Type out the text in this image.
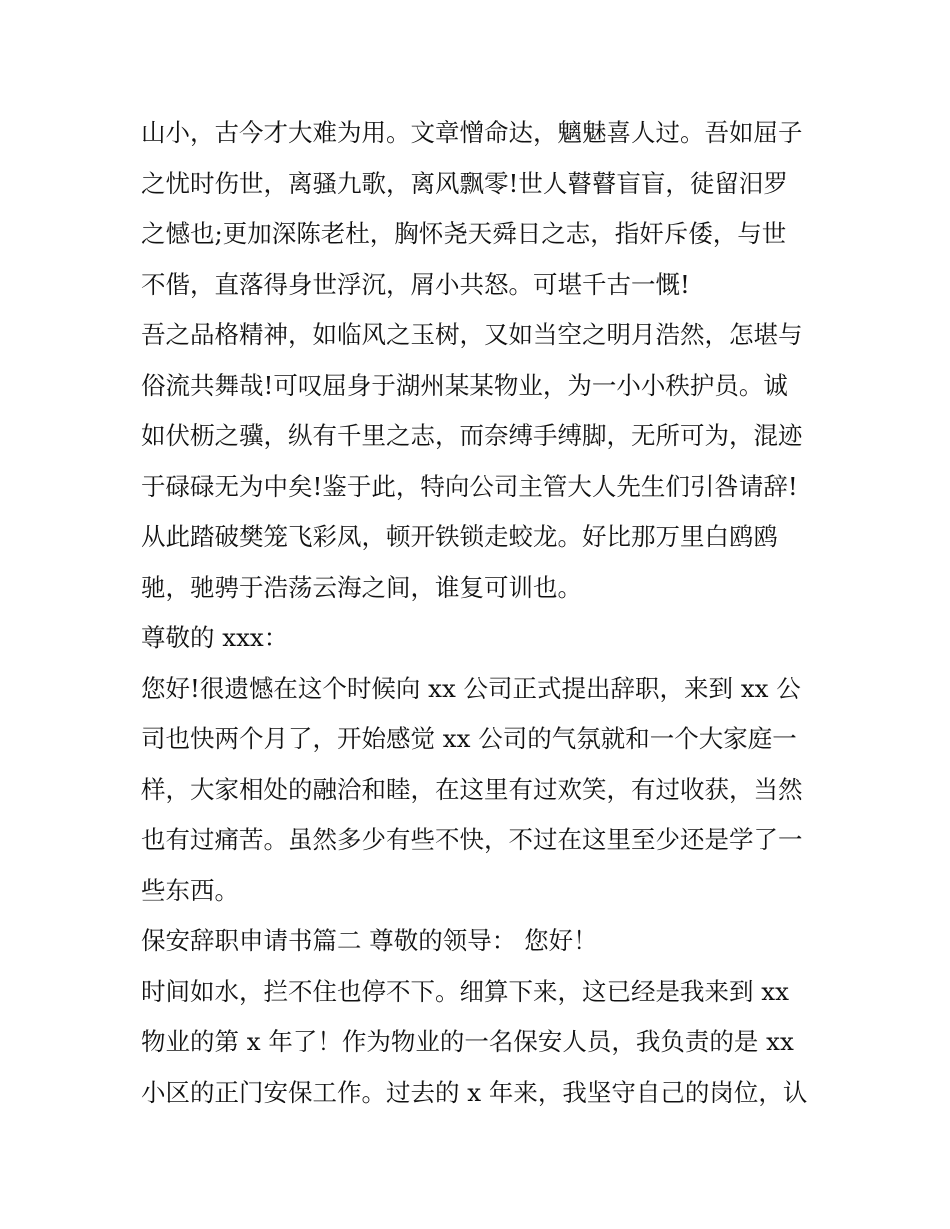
山小，古今才大难为用。文章憎命达，魑魅喜人过。吾如屈子
之忧时伤世，离骚九歌，离风飘零!世人瞽瞽盲盲，徒留汨罗
之憾也;更加深陈老杜，胸怀尧天舜日之志，指奸斥倭，与世
不偕，直落得身世浮沉，屑小共怒。可堪千古一慨!
吾之品格精神，如临风之玉树，又如当空之明月浩然，怎堪与
俗流共舞哉!可叹屈身于湖州某某物业，为一小小秩护员。诚
如伏枥之骥，纵有千里之志，而奈缚手缚脚，无所可为，混迹
于碌碌无为中矣!鉴于此，特向公司主管大人先生们引咎请辞!
从此踏破樊笼飞彩凤，顿开铁锁走蛟龙。好比那万里白鸥鸥
驰，驰骋于浩荡云海之间，谁复可训也。
尊敬的 xxx：
您好!很遗憾在这个时候向 xx 公司正式提出辞职，来到 xx 公
司也快两个月了，开始感觉 xx 公司的气氛就和一个大家庭一
样，大家相处的融洽和睦，在这里有过欢笑，有过收获，当然
也有过痛苦。虽然多少有些不快，不过在这里至少还是学了一
些东西。
保安辞职申请书篇二 尊敬的领导： 您好！
时间如水，拦不住也停不下。细算下来，这已经是我来到 xx
物业的第 x 年了！作为物业的一名保安人员，我负责的是 xx
小区的正门安保工作。过去的 x 年来，我坚守自己的岗位，认
